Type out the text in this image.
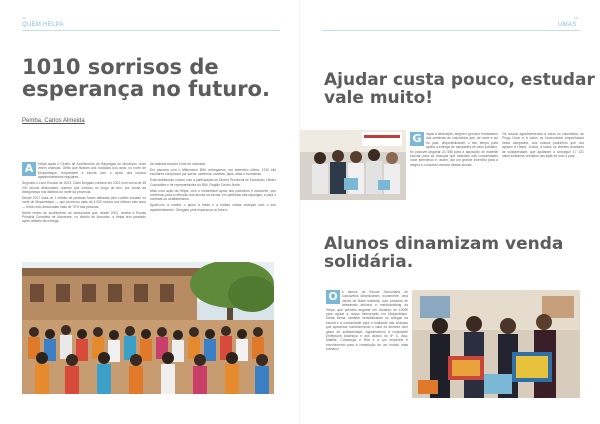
14
QUEM HELPA
1010 sorrisos de
esperança no futuro.
Pemba, Carlos Almeida
A	Helpa apoia o Centro de Acolhimento de Raparigas do Município, onde vivem crianças. Órfãs que ficaram aos cuidados dos avós, no norte de Moçambique, frequentam a escola com o apoio dos nossos apadrinhamentos regulares.

Segundo o Livro Escolar de 2023, Cabo Delgado contava em 2022 com cerca de 48 000 alunos deslocados, número que cresceu ao longo do ano, por causa da insegurança nos distritos do norte da província.

Desde 2017 mais de 1 milhão de pessoas foram afetadas pelo conflito armado no norte de Moçambique — que provocou mais de 4 000 mortos nos últimos seis anos — tendo sido deslocadas mais de 70% das pessoas.

Neste centro de acolhimento de deslocados que, desde 2021, recebe a Escola Primária Completa de Maruvane, no distrito de Ancuabe, a Helpa tem prestado apoio através da entrega

de material escolar e kits de vestuário.

Em parceria com o Millennium BIM, entregamos, em setembro último, 1010 kits escolares compostos por sacos, cadernos, canetas, lápis, afias e borrachas.

Esta distribuição contou com a participação do Diretor Provincial de Educação, Helder Guimarães e de representantes do BIM, Região Centro-Norte.

Mais uma ação da Helpa, com o inestimável apoio dos padrinhos e doadores, que contribuiu para a retenção dos alunos na escola, em particular das raparigas, e para o combate ao analfabetismo.

Ajude-nos a manter o apoio a estas e a muitas outras crianças com o seu apadrinhamento. Obrigado pela esperança no futuro!

15
UMAS
Ajudar custa pouco, estudar
vale muito!
G	raças à dedicação, alegria e genuíno entusiasmo dos centenas de voluntários que, de norte a sul do país, disponibilizaram o seu tempo para apoiar a entrega de campanha de valor solidário, foi possível angariar 21 585 para a aquisição de material escolar para as crianças que estudam nas comunidades onde intervimos e, assim, dar um grande incentivo para a alegria e o sucesso escolar destas alunas.

Os nossos agradecimentos a todos os voluntários, ao Pingo Doce e à todos os funcionários empenhados nesta campanha, aos nossos padrinhos que nos apoiam a Helpa. Juntos, a todos os clientes doadores de solidariedade, que ajudaram a conseguir 17 221 vales solidários vendidos nas lojas de todo o país.

Alunos dinamizam venda
solidária.
O	s alunos da Escola Secundária de Carcavelos dinamizaram, novamente, uma venda de Natal solidária, com produtos de artesanato africano e merchandising da Helpa, que permitiu angariar um donativo de 1000€ para apoiar a nossa intervenção em Moçambique. Desta forma, também sensibilizaram os colegas da escola e a comunidade para a realidade das crianças que apoiamos, transformando o valor do dinheiro num gesto de solidariedade. Agradecemos à incansável professora Arachuya e aos alunos do 8º C, Ana, Matilde, Constança e Rita e a um empenho e envolvimento para a construção de um mundo mais humano!
